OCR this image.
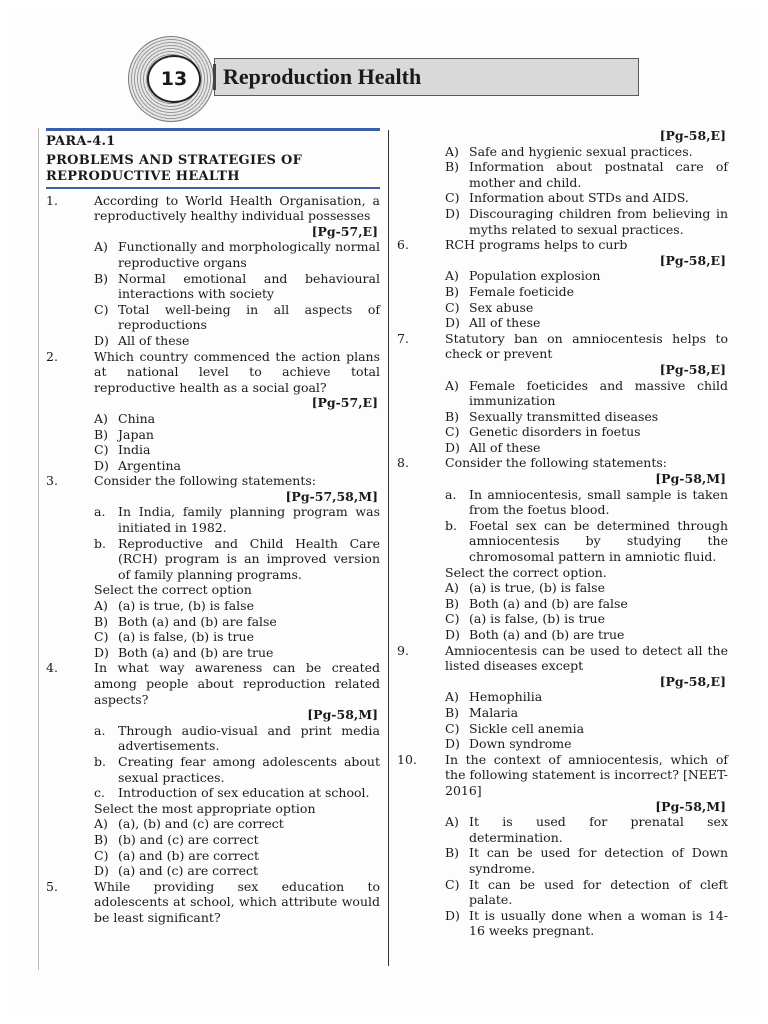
13	Reproduction Health
PARA-4.1
PROBLEMS AND STRATEGIES OF
REPRODUCTIVE HEALTH
1.	According to World Health Organisation, a reproductively healthy individual possesses
[Pg-57,E]
A) Functionally and morphologically normal reproductive organs
B) Normal emotional and behavioural interactions with society
C) Total well-being in all aspects of reproductions
D) All of these
2.	Which country commenced the action plans at national level to achieve total reproductive health as a social goal?
[Pg-57,E]
A) China
B) Japan
C) India
D) Argentina
3.	Consider the following statements:
[Pg-57,58,M]
a.	In India, family planning program was initiated in 1982.
b. Reproductive and Child Health Care (RCH) program is an improved version of family planning programs.
Select the correct option
A) (a) is true, (b) is false
B) Both (a) and (b) are false
C) (a) is false, (b) is true
D) Both (a) and (b) are true
4.	In what way awareness can be created among people about reproduction related aspects?
[Pg-58,M]
a.	Through audio-visual and print media advertisements.
b. Creating fear among adolescents about sexual practices.
c.	Introduction of sex education at school.
Select the most appropriate option
A) (a), (b) and (c) are correct
B) (b) and (c) are correct
C) (a) and (b) are correct
D) (a) and (c) are correct
5.	While providing sex education to adolescents at school, which attribute would be least significant?
[Pg-58,E]
A) Safe and hygienic sexual practices.
B) Information about postnatal care of mother and child.
C) Information about STDs and AIDS.
D) Discouraging children from believing in myths related to sexual practices.
6.	RCH programs helps to curb
[Pg-58,E]
A) Population explosion
B) Female foeticide
C) Sex abuse
D) All of these
7.	Statutory ban on amniocentesis helps to check or prevent
[Pg-58,E]
A) Female foeticides and massive child immunization
B) Sexually transmitted diseases
C) Genetic disorders in foetus
D) All of these
8.	Consider the following statements:
[Pg-58,M]
a.	In amniocentesis, small sample is taken from the foetus blood.
b. Foetal sex can be determined through amniocentesis by studying the chromosomal pattern in amniotic fluid.
Select the correct option.
A) (a) is true, (b) is false
B) Both (a) and (b) are false
C) (a) is false, (b) is true
D) Both (a) and (b) are true
9.	Amniocentesis can be used to detect all the listed diseases except
[Pg-58,E]
A) Hemophilia
B) Malaria
C) Sickle cell anemia
D) Down syndrome
10.	In the context of amniocentesis, which of the following statement is incorrect? [NEET-2016]
[Pg-58,M]
A) It is used for prenatal sex determination.
B) It can be used for detection of Down syndrome.
C) It can be used for detection of cleft palate.
D) It is usually done when a woman is 14-16 weeks pregnant.
